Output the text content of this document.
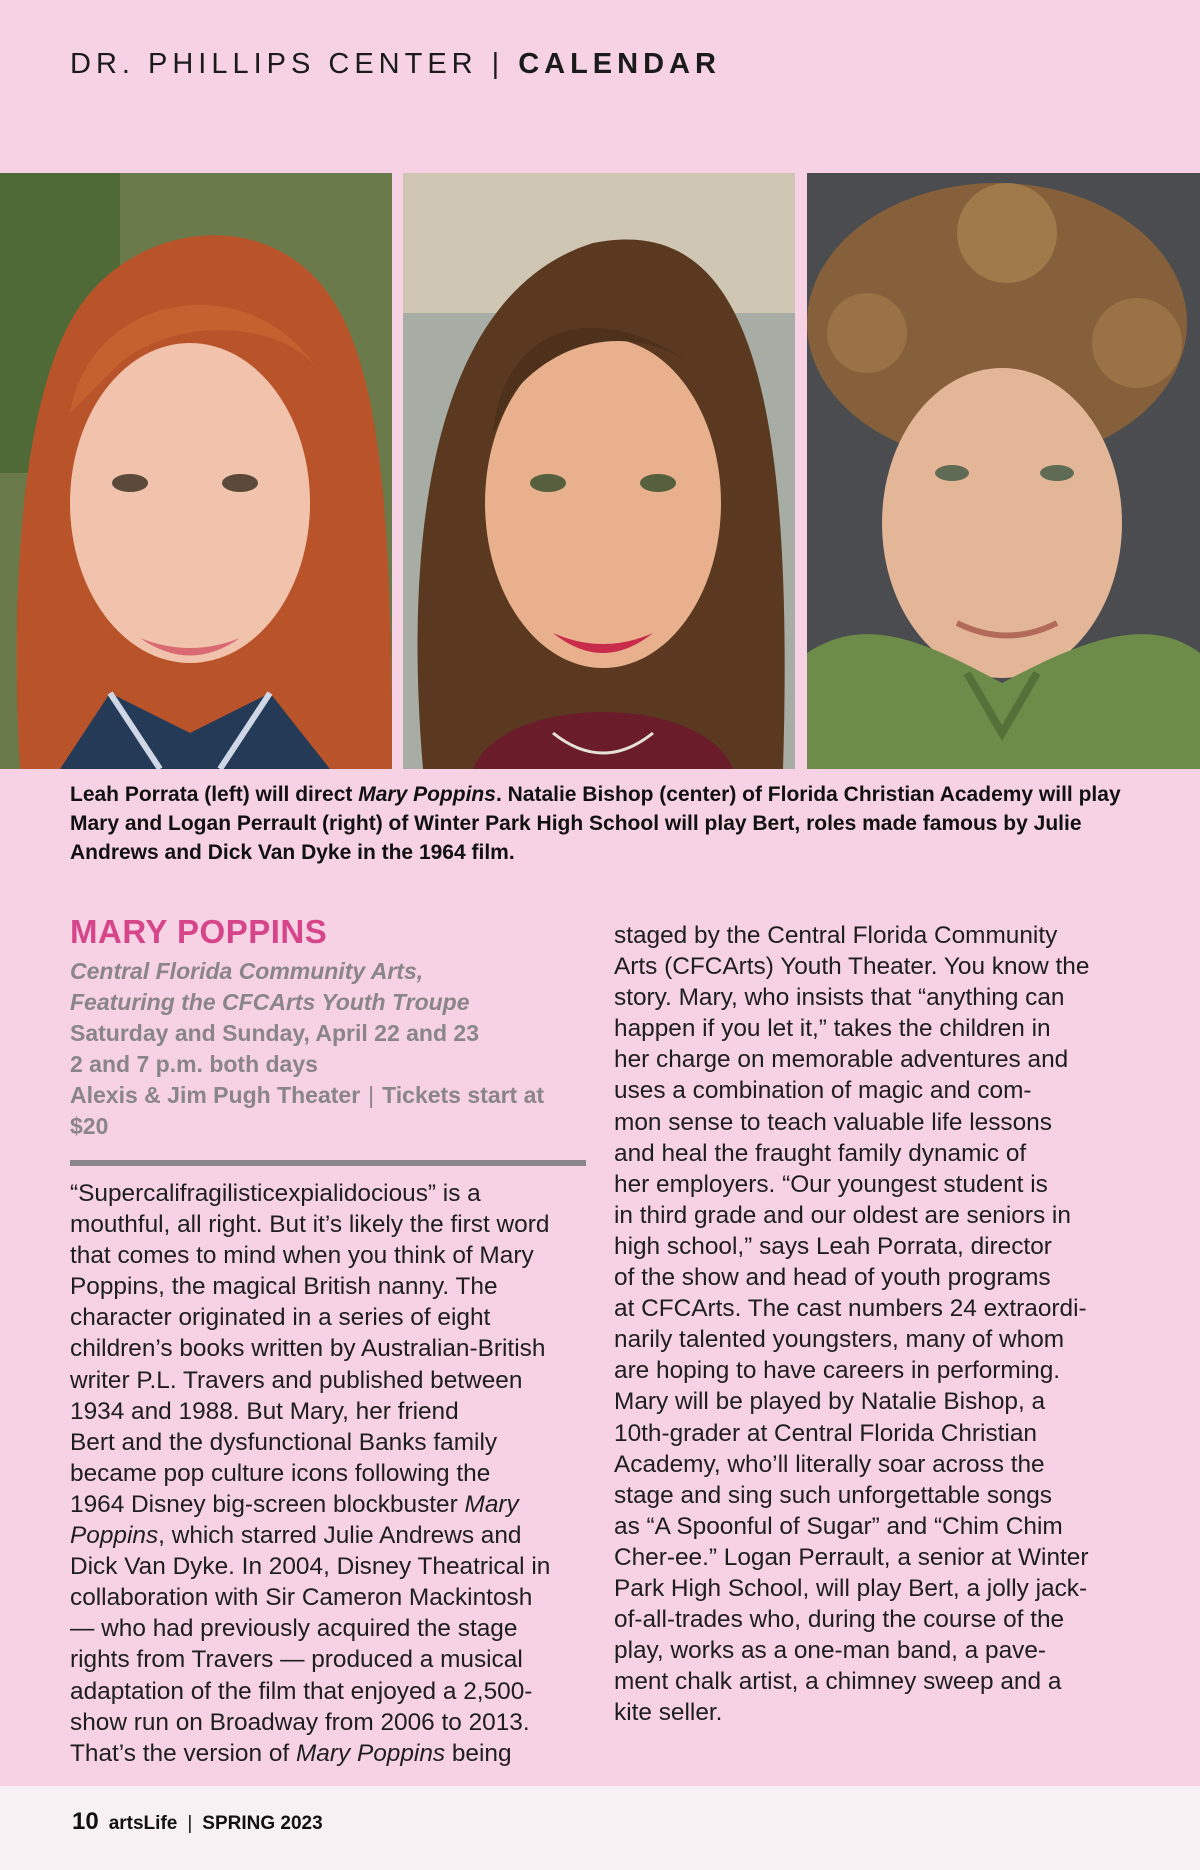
DR. PHILLIPS CENTER | CALENDAR
Leah Porrata (left) will direct Mary Poppins. Natalie Bishop (center) of Florida Christian Academy will play Mary and Logan Perrault (right) of Winter Park High School will play Bert, roles made famous by Julie Andrews and Dick Van Dyke in the 1964 film.
MARY POPPINS
Central Florida Community Arts,
Featuring the CFCArts Youth Troupe
Saturday and Sunday, April 22 and 23
2 and 7 p.m. both days
Alexis & Jim Pugh Theater | Tickets start at $20
“Supercalifragilisticexpialidocious” is a
mouthful, all right. But it’s likely the first word
that comes to mind when you think of Mary
Poppins, the magical British nanny. The
character originated in a series of eight
children’s books written by Australian-British
writer P.L. Travers and published between
1934 and 1988. But Mary, her friend
Bert and the dysfunctional Banks family
became pop culture icons following the
1964 Disney big-screen blockbuster Mary
Poppins, which starred Julie Andrews and
Dick Van Dyke. In 2004, Disney Theatrical in
collaboration with Sir Cameron Mackintosh
— who had previously acquired the stage
rights from Travers — produced a musical
adaptation of the film that enjoyed a 2,500-
show run on Broadway from 2006 to 2013.
That’s the version of Mary Poppins being
staged by the Central Florida Community
Arts (CFCArts) Youth Theater. You know the
story. Mary, who insists that “anything can
happen if you let it,” takes the children in
her charge on memorable adventures and
uses a combination of magic and com-
mon sense to teach valuable life lessons
and heal the fraught family dynamic of
her employers. “Our youngest student is
in third grade and our oldest are seniors in
high school,” says Leah Porrata, director
of the show and head of youth programs
at CFCArts. The cast numbers 24 extraordi-
narily talented youngsters, many of whom
are hoping to have careers in performing.
Mary will be played by Natalie Bishop, a
10th-grader at Central Florida Christian
Academy, who’ll literally soar across the
stage and sing such unforgettable songs
as “A Spoonful of Sugar” and “Chim Chim
Cher-ee.” Logan Perrault, a senior at Winter
Park High School, will play Bert, a jolly jack-
of-all-trades who, during the course of the
play, works as a one-man band, a pave-
ment chalk artist, a chimney sweep and a
kite seller.
10 artsLife | SPRING 2023
